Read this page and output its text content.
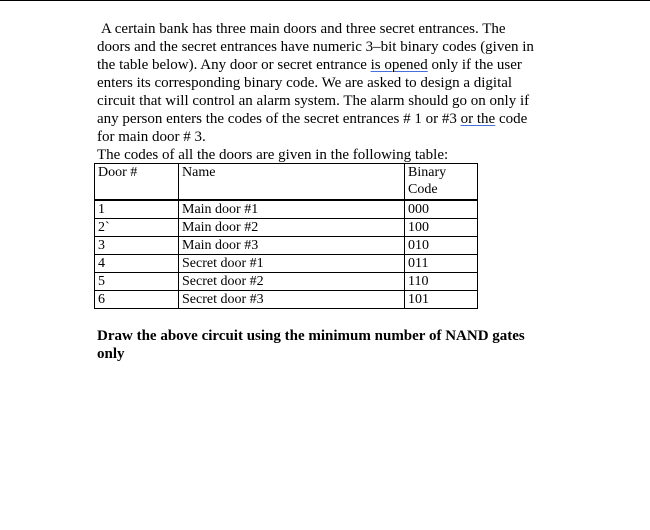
A certain bank has three main doors and three secret entrances. The
doors and the secret entrances have numeric 3–bit binary codes (given in
the table below). Any door or secret entrance is opened only if the user
enters its corresponding binary code. We are asked to design a digital
circuit that will control an alarm system. The alarm should go on only if
any person enters the codes of the secret entrances # 1 or #3 or the code
for main door # 3.
The codes of all the doors are given in the following table:
Door #	Name	Binary
Code
1	Main door #1	000
2`	Main door #2	100
3	Main door #3	010
4	Secret door #1	011
5	Secret door #2	110
6	Secret door #3	101
Draw the above circuit using the minimum number of NAND gates
only
